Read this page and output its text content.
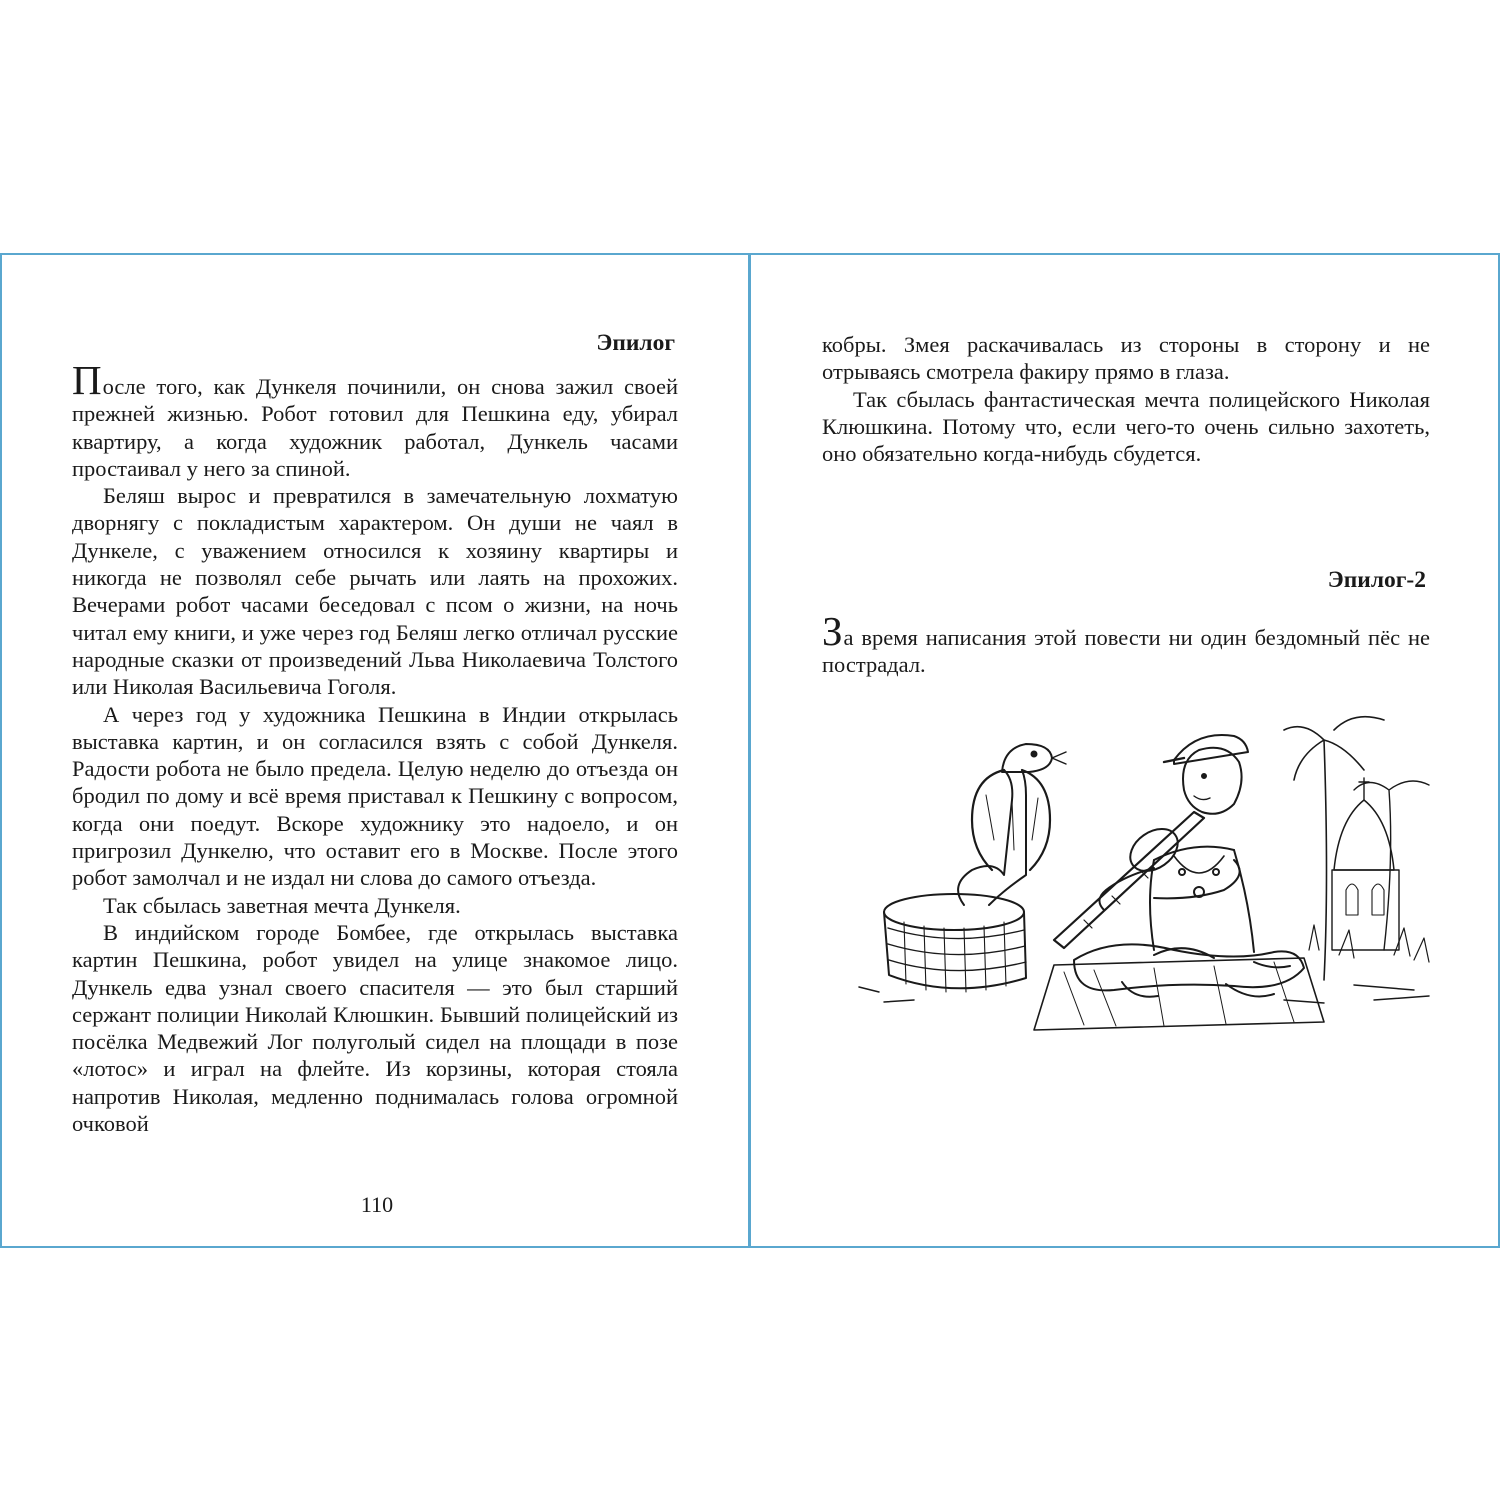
Эпилог

После того, как Дункеля починили, он снова зажил своей прежней жизнью. Робот готовил для Пешкина еду, убирал квартиру, а когда художник работал, Дункель часами простаивал у него за спиной.

Беляш вырос и превратился в замечательную лохматую дворнягу с покладистым характером. Он души не чаял в Дункеле, с уважением относился к хозяину квартиры и никогда не позволял себе рычать или лаять на прохожих. Вечерами робот часами беседовал с псом о жизни, на ночь читал ему книги, и уже через год Беляш легко отличал русские народные сказки от произведений Льва Николаевича Толстого или Николая Васильевича Гоголя.

А через год у художника Пешкина в Индии открылась выставка картин, и он согласился взять с собой Дункеля. Радости робота не было предела. Целую неделю до отъезда он бродил по дому и всё время приставал к Пешкину с вопросом, когда они поедут. Вскоре художнику это надоело, и он пригрозил Дункелю, что оставит его в Москве. После этого робот замолчал и не издал ни слова до самого отъезда.

Так сбылась заветная мечта Дункеля.

В индийском городе Бомбее, где открылась выставка картин Пешкина, робот увидел на улице знакомое лицо. Дункель едва узнал своего спасителя — это был старший сержант полиции Николай Клюшкин. Бывший полицейский из посёлка Медвежий Лог полуголый сидел на площади в позе «лотос» и играл на флейте. Из корзины, которая стояла напротив Николая, медленно поднималась голова огромной очковой

110

кобры. Змея раскачивалась из стороны в сторону и не отрываясь смотрела факиру прямо в глаза.

Так сбылась фантастическая мечта полицейского Николая Клюшкина. Потому что, если чего-то очень сильно захотеть, оно обязательно когда-нибудь сбудется.

Эпилог-2

За время написания этой повести ни один бездомный пёс не пострадал.
